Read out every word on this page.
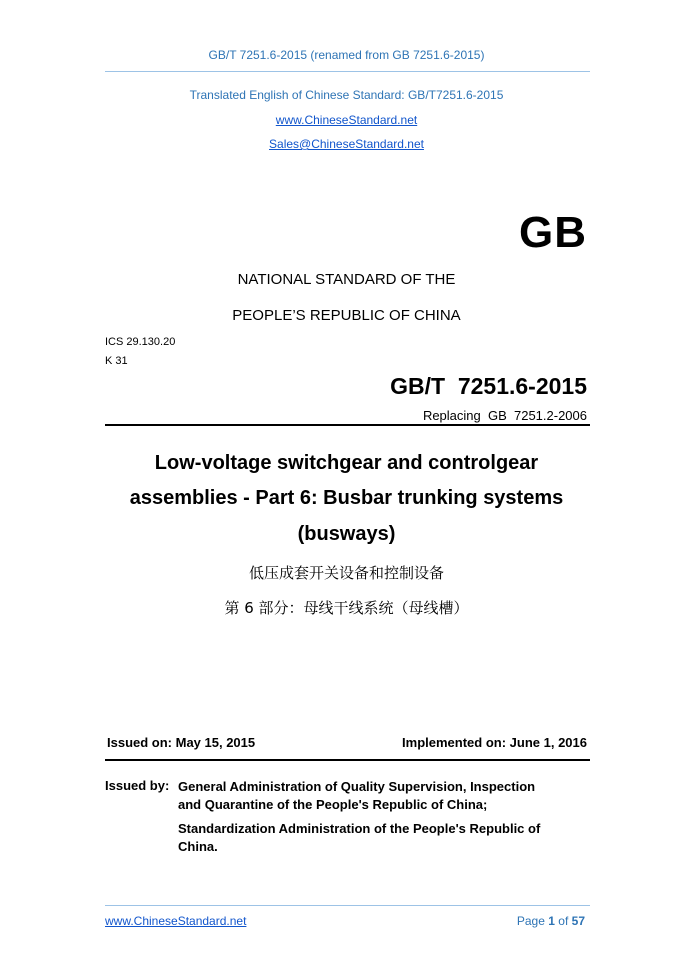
GB/T 7251.6-2015 (renamed from GB 7251.6-2015)
Translated English of Chinese Standard: GB/T7251.6-2015
www.ChineseStandard.net
Sales@ChineseStandard.net
GB
NATIONAL STANDARD OF THE
PEOPLE’S REPUBLIC OF CHINA
ICS 29.130.20
K 31
GB/T  7251.6-2015
Replacing  GB  7251.2-2006
Low-voltage switchgear and controlgear
assemblies - Part 6: Busbar trunking systems
(busways)
低压成套开关设备和控制设备
第 6 部分：母线干线系统（母线槽）
Issued on: May 15, 2015	Implemented on: June 1, 2016
Issued by: General Administration of Quality Supervision, Inspection
and Quarantine of the People's Republic of China;
Standardization Administration of the People's Republic of
China.
www.ChineseStandard.net	Page 1 of 57
